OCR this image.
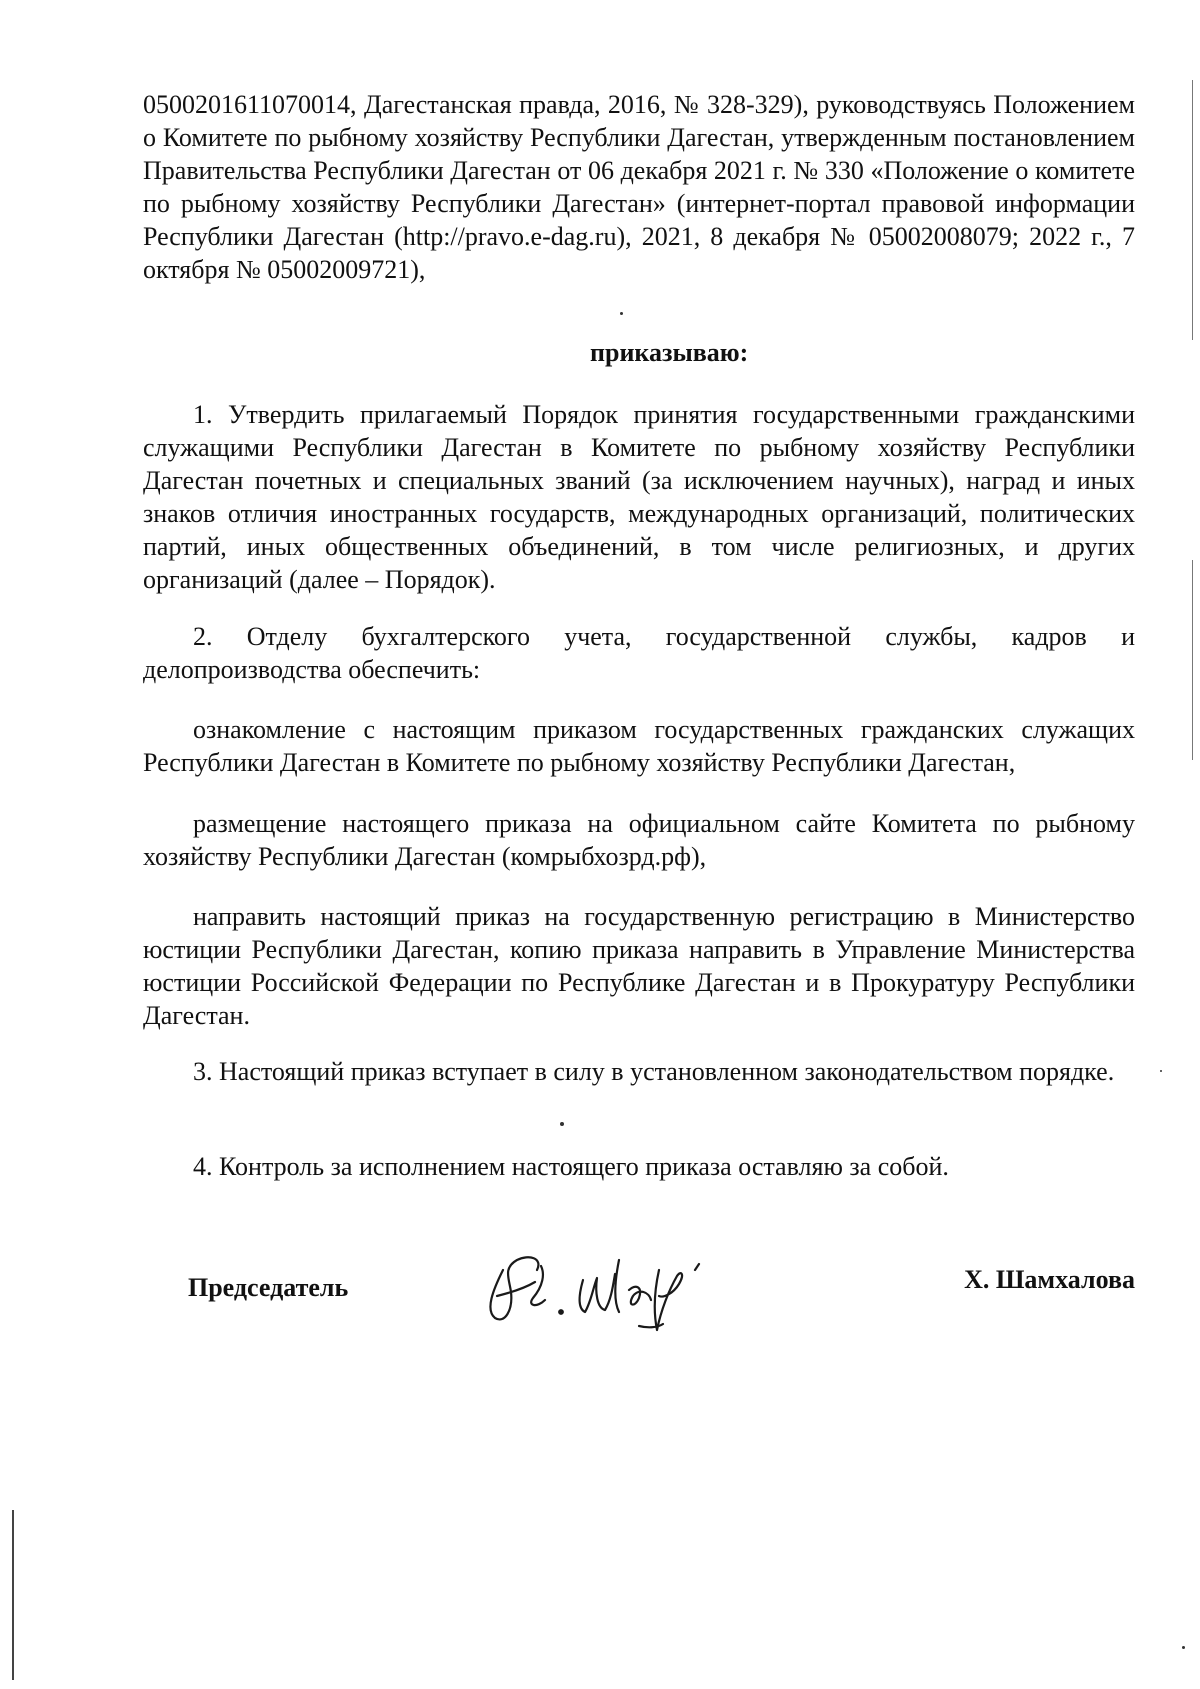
0500201611070014, Дагестанская правда, 2016, № 328-329), руководствуясь Положением о Комитете по рыбному хозяйству Республики Дагестан, утвержденным постановлением Правительства Республики Дагестан от 06 декабря 2021 г. № 330 «Положение о комитете по рыбному хозяйству Республики Дагестан» (интернет-портал правовой информации Республики Дагестан (http://pravo.e-dag.ru), 2021, 8 декабря № 05002008079; 2022 г., 7 октября № 05002009721),

приказываю:

1. Утвердить прилагаемый Порядок принятия государственными гражданскими служащими Республики Дагестан в Комитете по рыбному хозяйству Республики Дагестан почетных и специальных званий (за исключением научных), наград и иных знаков отличия иностранных государств, международных организаций, политических партий, иных общественных объединений, в том числе религиозных, и других организаций (далее – Порядок).

2. Отделу бухгалтерского учета, государственной службы, кадров и делопроизводства обеспечить:

ознакомление с настоящим приказом государственных гражданских служащих Республики Дагестан в Комитете по рыбному хозяйству Республики Дагестан,

размещение настоящего приказа на официальном сайте Комитета по рыбному хозяйству Республики Дагестан (комрыбхозрд.рф),

направить настоящий приказ на государственную регистрацию в Министерство юстиции Республики Дагестан, копию приказа направить в Управление Министерства юстиции Российской Федерации по Республике Дагестан и в Прокуратуру Республики Дагестан.

3. Настоящий приказ вступает в силу в установленном законодательством порядке.

4. Контроль за исполнением настоящего приказа оставляю за собой.

Председатель	Х. Шамхалова
